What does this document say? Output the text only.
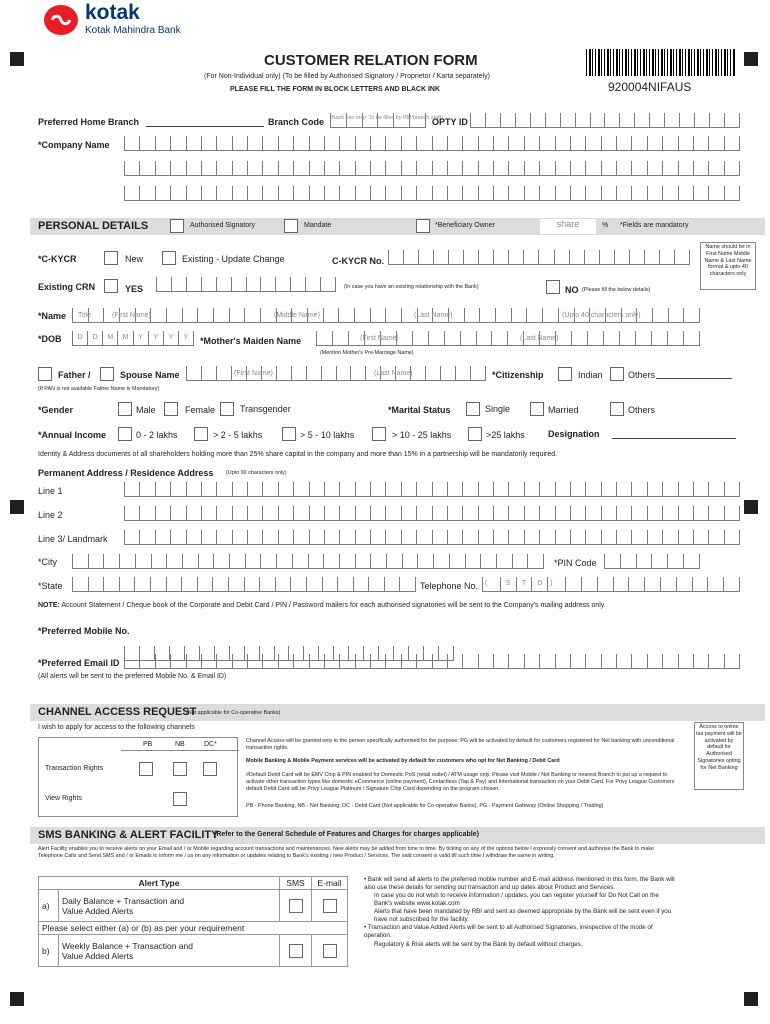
kotak
Kotak Mahindra Bank
CUSTOMER RELATION FORM
(For Non-Individual only) (To be filled by Authorised Signatory / Proprietor / Karta separately)
PLEASE FILL THE FORM IN BLOCK LETTERS AND BLACK INK	920004NIFAUS
Preferred Home Branch	Branch Code (Bank use only: To be filled by RM/branch staff)
OPTY ID
*Company Name
PERSONAL DETAILS	Authorised Signatory	Mandate	*Beneficiary Owner	share	% *Fields are mandatory
*C-KYCR	New	Existing - Update Change	C-KYCR No.
Name should be in First Name Middle Name & Last Name format & upto 40 characters only
Existing CRN	YES	(In case you have an existing relationship with the Bank)	NO (Please fill the below details)
*Name Title	(First Name)	(Middle Name)	(Last Name)	(Upto 40 characters only)
*DOB	D	D	M	M	Y	Y	Y	Y	*Mother's Maiden Name	(First Name)	(Last Name)
(Mention Mother's Pre-Marriage Name)
Father /	Spouse Name	(First Name)	(Last Name)	*Citizenship	Indian	Others
(If PAN is not available Father Name is Mandatory)
*Gender	Male	Female	Transgender	*Marital Status	Single	Married	Others
*Annual Income	0 - 2 lakhs	> 2 - 5 lakhs	> 5 - 10 lakhs	> 10 - 25 lakhs	>25 lakhs	Designation
Identity & Address documents of all shareholders holding more than 25% share capital in the company and more than 15% in a partnership will be mandatorily required.
Permanent Address / Residence Address (Upto 90 characters only)
Line 1
Line 2
Line 3/ Landmark
*City	*PIN Code
*State	Telephone No. (	S	T	D	)
NOTE: Account Statement / Cheque book of the Corporate and Debit Card / PIN / Password mailers for each authorised signatories will be sent to the Company's mailing address only.
*Preferred Mobile No.
*Preferred Email ID
(All alerts will be sent to the preferred Mobile No. & Email ID)
CHANNEL ACCESS REQUEST
(Not applicable for Co-operative Banks)
I wish to apply for access to the following channels
PB	NB	DC*
Transaction Rights
View Rights
Channel Access will be granted only to the person specifically authorised for the purpose. PG will be activated by default for customers registered for Net banking with unconditional transaction rights.
Mobile Banking & Mobile Payment services will be activated by default for customers who opt for Net Banking / Debit Card
#Default Debit Card will be EMV Chip & PIN enabled for Domestic PoS (retail outlet) / ATM usage only. Please visit Mobile / Net Banking or nearest Branch to put up a request to activate other transaction types like domestic eCommerce (online payment), Contactless (Tap & Pay) and International transaction on your Debit Card. For Privy League Customers default Debit Card will be Privy League Platinum / Signature Chip Card depending on the program chosen.
PB - Phone Banking, NB - Net Banking; DC - Debit Card (Not applicable for Co-operative Banks), PG - Payment Gateway (Online Shopping / Trading)
Access to online tax payment will be activated by default for Authorised Signatories opting for Net Banking
SMS BANKING & ALERT FACILITY
(Refer to the General Schedule of Features and Charges for charges applicable)
Alert Facility enables you to receive alerts on your Email and / or Mobile regarding account transactions and maintenances. New alerts may be added from time to time. By ticking on any of the options below I expressly consent and authorise the Bank to make Telephone Calls and Send SMS and / or Emails to inform me / us on any information or updates relating to Bank's existing / new Product / Services. The said consent is valid till such time I withdraw the same in writing.
Alert Type		SMS	E-mail
a)	Daily Balance + Transaction and
Value Added Alerts	

Please select either (a) or (b) as per your requirement			
b)	Weekly Balance + Transaction and
Value Added Alerts	

• Bank will send all alerts to the preferred mobile number and E-mail address mentioned in this form. the Bank will also use these details for sending out transaction and up dates about Product and Services.
In case you do not wish to receive information / updates, you can register yourself for Do Not Call on the Bank's website www.kotak.com
Alerts that have been mandated by RBI and sent as deemed appropriate by the Bank will be sent even if you have not subscribed for the facility.
• Transaction and Value Added Alerts will be sent to all Authorised Signatories, irrespective of the mode of operation.
Regulatory & Risk alerts will be sent by the Bank by default without charges.
